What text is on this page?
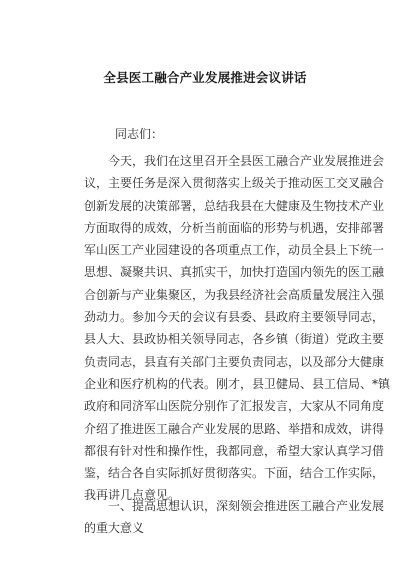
全县医工融合产业发展推进会议讲话
同志们：
今天，我们在这里召开全县医工融合产业发展推进会
议，主要任务是深入贯彻落实上级关于推动医工交叉融合
创新发展的决策部署，总结我县在大健康及生物技术产业
方面取得的成效，分析当前面临的形势与机遇，安排部署
军山医工产业园建设的各项重点工作，动员全县上下统一
思想、凝聚共识、真抓实干，加快打造国内领先的医工融
合创新与产业集聚区，为我县经济社会高质量发展注入强
劲动力。参加今天的会议有县委、县政府主要领导同志，
县人大、县政协相关领导同志，各乡镇（街道）党政主要
负责同志，县直有关部门主要负责同志，以及部分大健康
企业和医疗机构的代表。刚才，县卫健局、县工信局、*镇
政府和同济军山医院分别作了汇报发言，大家从不同角度
介绍了推进医工融合产业发展的思路、举措和成效，讲得
都很有针对性和操作性，我都同意，希望大家认真学习借
鉴，结合各自实际抓好贯彻落实。下面，结合工作实际，
我再讲几点意见。
一、提高思想认识，深刻领会推进医工融合产业发展
的重大意义
